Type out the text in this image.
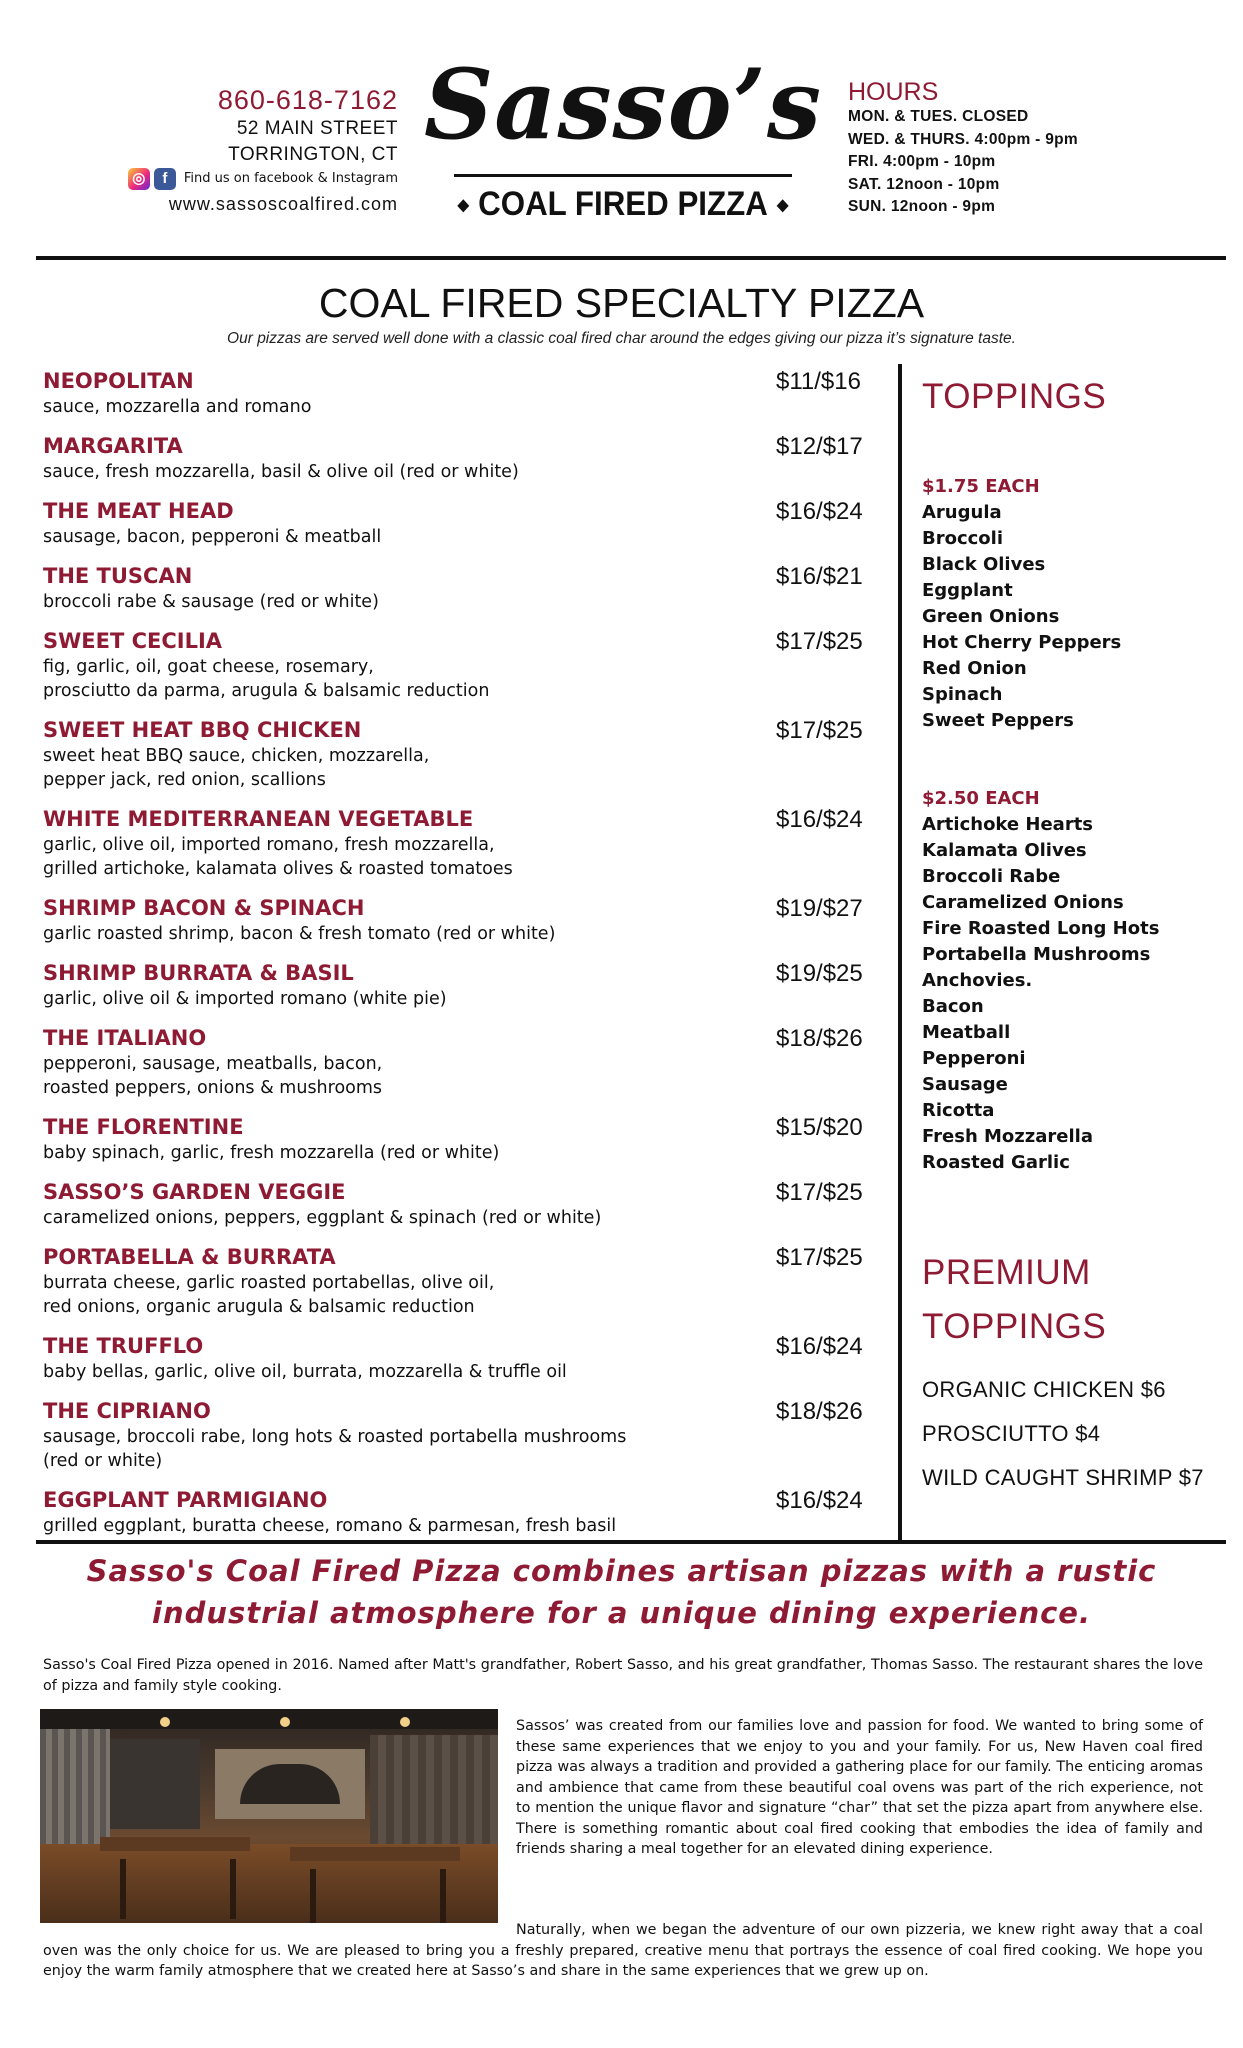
860-618-7162
52 MAIN STREET
TORRINGTON, CT
◎	f	Find us on facebook & Instagram
www.sassoscoalfired.com
Sasso’s
◆ COAL FIRED PIZZA ◆
HOURS
MON. & TUES. CLOSED
WED. & THURS. 4:00pm - 9pm
FRI. 4:00pm - 10pm
SAT. 12noon - 10pm
SUN. 12noon - 9pm
COAL FIRED SPECIALTY PIZZA
Our pizzas are served well done with a classic coal fired char around the edges giving our pizza it’s signature taste.
NEOPOLITAN	$11/$16
sauce, mozzarella and romano
MARGARITA	$12/$17
sauce, fresh mozzarella, basil & olive oil (red or white)
THE MEAT HEAD	$16/$24
sausage, bacon, pepperoni & meatball
THE TUSCAN	$16/$21
broccoli rabe & sausage (red or white)
SWEET CECILIA	$17/$25
fig, garlic, oil, goat cheese, rosemary,
prosciutto da parma, arugula & balsamic reduction
SWEET HEAT BBQ CHICKEN	$17/$25
sweet heat BBQ sauce, chicken, mozzarella,
pepper jack, red onion, scallions
WHITE MEDITERRANEAN VEGETABLE	$16/$24
garlic, olive oil, imported romano, fresh mozzarella,
grilled artichoke, kalamata olives & roasted tomatoes
SHRIMP BACON & SPINACH	$19/$27
garlic roasted shrimp, bacon & fresh tomato (red or white)
SHRIMP BURRATA & BASIL	$19/$25
garlic, olive oil & imported romano (white pie)
THE ITALIANO	$18/$26
pepperoni, sausage, meatballs, bacon,
roasted peppers, onions & mushrooms
THE FLORENTINE	$15/$20
baby spinach, garlic, fresh mozzarella (red or white)
SASSO’S GARDEN VEGGIE	$17/$25
caramelized onions, peppers, eggplant & spinach (red or white)
PORTABELLA & BURRATA	$17/$25
burrata cheese, garlic roasted portabellas, olive oil,
red onions, organic arugula & balsamic reduction
THE TRUFFLO	$16/$24
baby bellas, garlic, olive oil, burrata, mozzarella & truffle oil
THE CIPRIANO	$18/$26
sausage, broccoli rabe, long hots & roasted portabella mushrooms
(red or white)
EGGPLANT PARMIGIANO	$16/$24
grilled eggplant, buratta cheese, romano & parmesan, fresh basil
TOPPINGS
$1.75 EACH
Arugula
Broccoli
Black Olives
Eggplant
Green Onions
Hot Cherry Peppers
Red Onion
Spinach
Sweet Peppers
$2.50 EACH
Artichoke Hearts
Kalamata Olives
Broccoli Rabe
Caramelized Onions
Fire Roasted Long Hots
Portabella Mushrooms
Anchovies.
Bacon
Meatball
Pepperoni
Sausage
Ricotta
Fresh Mozzarella
Roasted Garlic
PREMIUM
TOPPINGS
ORGANIC CHICKEN $6
PROSCIUTTO $4
WILD CAUGHT SHRIMP $7
Sasso's Coal Fired Pizza combines artisan pizzas with a rustic
industrial atmosphere for a unique dining experience.
Sasso's Coal Fired Pizza opened in 2016. Named after Matt's grandfather, Robert Sasso, and his great grandfather, Thomas Sasso. The restaurant shares the love of pizza and family style cooking.
Sassos’ was created from our families love and passion for food. We wanted to bring some of these same experiences that we enjoy to you and your family. For us, New Haven coal fired pizza was always a tradition and provided a gathering place for our family. The enticing aromas and ambience that came from these beautiful coal ovens was part of the rich experience, not to mention the unique flavor and signature “char” that set the pizza apart from anywhere else. There is something romantic about coal fired cooking that embodies the idea of family and friends sharing a meal together for an elevated dining experience.
Naturally, when we began the adventure of our own pizzeria, we knew right away that a coal oven was the only choice for us. We are pleased to bring you a freshly prepared, creative menu that portrays the essence of coal fired cooking. We hope you enjoy the warm family atmosphere that we created here at Sasso’s and share in the same experiences that we grew up on.
